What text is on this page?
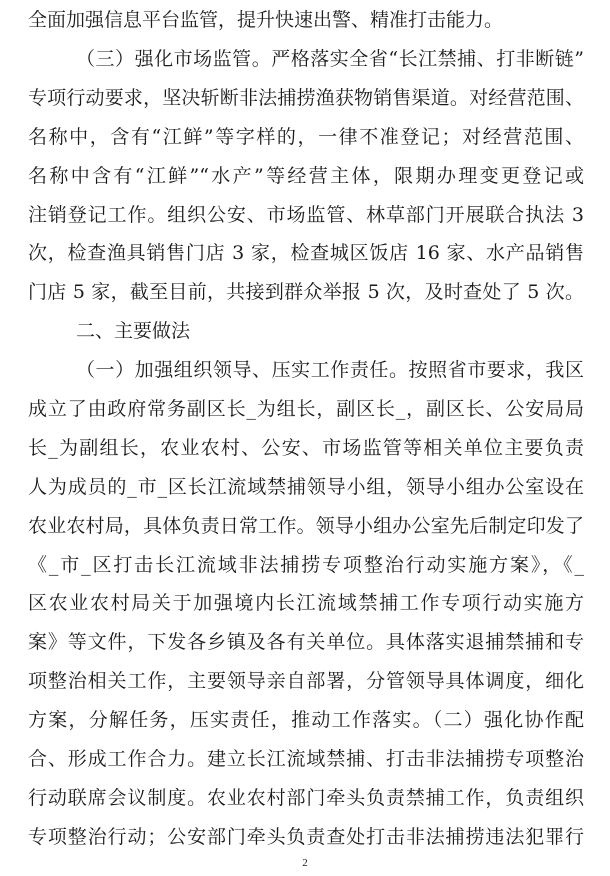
全面加强信息平台监管，提升快速出警、精准打击能力。
（三）强化市场监管。严格落实全省“长江禁捕、打非断链”
专项行动要求，坚决斩断非法捕捞渔获物销售渠道。对经营范围、
名称中，含有“江鲜”等字样的，一律不准登记；对经营范围、
名称中含有“江鲜”“水产”等经营主体，限期办理变更登记或
注销登记工作。组织公安、市场监管、林草部门开展联合执法 3
次，检查渔具销售门店 3 家，检查城区饭店 16 家、水产品销售
门店 5 家，截至目前，共接到群众举报 5 次，及时查处了 5 次。
二、主要做法
（一）加强组织领导、压实工作责任。按照省市要求，我区
成立了由政府常务副区长_为组长，副区长_，副区长、公安局局
长_为副组长，农业农村、公安、市场监管等相关单位主要负责
人为成员的_市_区长江流域禁捕领导小组，领导小组办公室设在
农业农村局，具体负责日常工作。领导小组办公室先后制定印发了
《_市_区打击长江流域非法捕捞专项整治行动实施方案》，《_
区农业农村局关于加强境内长江流域禁捕工作专项行动实施方
案》等文件，下发各乡镇及各有关单位。具体落实退捕禁捕和专
项整治相关工作，主要领导亲自部署，分管领导具体调度，细化
方案，分解任务，压实责任，推动工作落实。（二）强化协作配
合、形成工作合力。建立长江流域禁捕、打击非法捕捞专项整治
行动联席会议制度。农业农村部门牵头负责禁捕工作，负责组织
专项整治行动；公安部门牵头负责查处打击非法捕捞违法犯罪行
2
